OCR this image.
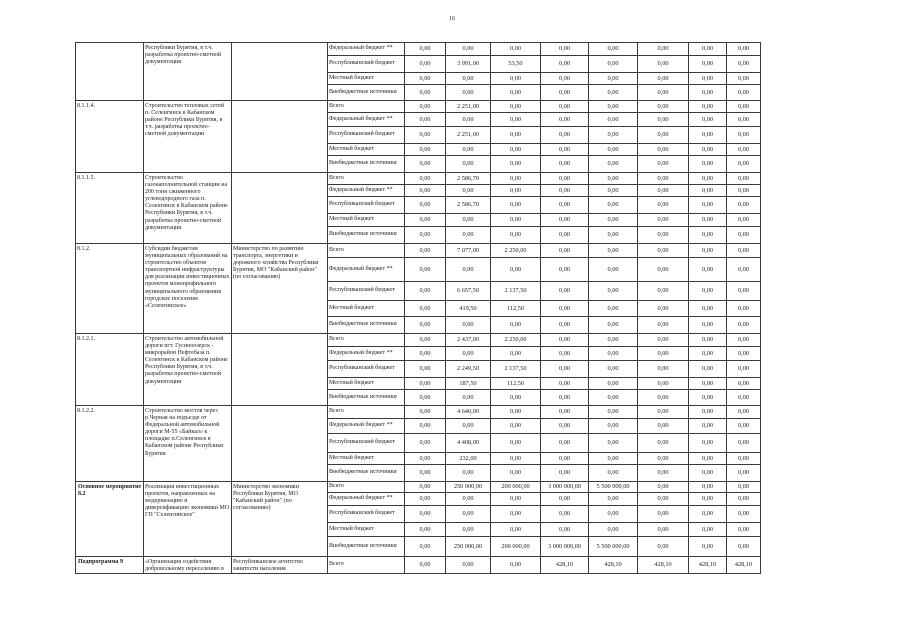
16

	Республики Бурятия, в т.ч. разработка проектно-сметной документации		Федеральный бюджет **	0,00	0,00	0,00	0,00	0,00	0,00	0,00	0,00
			Республиканский бюджет	0,00	3 991,00	53,50	0,00	0,00	0,00	0,00	0,00
			Местный бюджет	0,00	0,00	0,00	0,00	0,00	0,00	0,00	0,00
			Внебюджетные источники	0,00	0,00	0,00	0,00	0,00	0,00	0,00	0,00

8.1.1.4.	Строительство тепловых сетей п. Селенгинск в Кабанском районе Республики Бурятия, в т.ч. разработка проектно-сметной документации		Всего	0,00	2 251,00	0,00	0,00	0,00	0,00	0,00	0,00
			Федеральный бюджет **	0,00	0,00	0,00	0,00	0,00	0,00	0,00	0,00
			Республиканский бюджет	0,00	2 251,00	0,00	0,00	0,00	0,00	0,00	0,00
			Местный бюджет	0,00	0,00	0,00	0,00	0,00	0,00	0,00	0,00
			Внебюджетные источники	0,00	0,00	0,00	0,00	0,00	0,00	0,00	0,00

8.1.1.5.	Строительство газонаполнительной станции на 200 тонн сжиженного углеводородного газа п. Селенгинск в Кабанском районе Республики Бурятия, в т.ч. разработка проектно-сметной документации		Всего	0,00	2 586,70	0,00	0,00	0,00	0,00	0,00	0,00
			Федеральный бюджет **	0,00	0,00	0,00	0,00	0,00	0,00	0,00	0,00
			Республиканский бюджет	0,00	2 586,70	0,00	0,00	0,00	0,00	0,00	0,00
			Местный бюджет	0,00	0,00	0,00	0,00	0,00	0,00	0,00	0,00
			Внебюджетные источники	0,00	0,00	0,00	0,00	0,00	0,00	0,00	0,00

8.1.2.	Субсидии бюджетам муниципальных образований на строительство объектов транспортной инфраструктуры для реализации инвестиционных проектов монопрофильного муниципального образования городское поселение «Селенгинское»	Министерство по развитию транспорта, энергетики и дорожного хозяйства Республики Бурятия, МО "Кабанский район" (по согласованию)	Всего	0,00	7 077,00	2 250,00	0,00	0,00	0,00	0,00	0,00
			Федеральный бюджет **	0,00	0,00	0,00	0,00	0,00	0,00	0,00	0,00
			Республиканский бюджет	0,00	6 657,50	2 137,50	0,00	0,00	0,00	0,00	0,00
			Местный бюджет	0,00	419,50	112,50	0,00	0,00	0,00	0,00	0,00
			Внебюджетные источники	0,00	0,00	0,00	0,00	0,00	0,00	0,00	0,00

8.1.2.1.	Строительство автомобильной дороги пгт. Гусиноозерск - микрорайон Нефтебаза п. Селенгинск в Кабанском районе Республики Бурятия, в т.ч. разработка проектно-сметной документации		Всего	0,00	2 437,00	2 250,00	0,00	0,00	0,00	0,00	0,00
			Федеральный бюджет **	0,00	0,00	0,00	0,00	0,00	0,00	0,00	0,00
			Республиканский бюджет	0,00	2 249,50	2 137,50	0,00	0,00	0,00	0,00	0,00
			Местный бюджет	0,00	187,50	112,50	0,00	0,00	0,00	0,00	0,00
			Внебюджетные источники	0,00	0,00	0,00	0,00	0,00	0,00	0,00	0,00

8.1.2.2.	Строительство мостов через р.Черная на подъезде от Федеральной автомобильной дороги М-55 «Байкал» к площадке п.Селенгинск в Кабанском районе Республики Бурятия		Всего	0,00	4 640,00	0,00	0,00	0,00	0,00	0,00	0,00
			Федеральный бюджет **	0,00	0,00	0,00	0,00	0,00	0,00	0,00	0,00
			Республиканский бюджет	0,00	4 408,00	0,00	0,00	0,00	0,00	0,00	0,00
			Местный бюджет	0,00	232,00	0,00	0,00	0,00	0,00	0,00	0,00
			Внебюджетные источники	0,00	0,00	0,00	0,00	0,00	0,00	0,00	0,00

Основное мероприятие 8.2	Реализация инвестиционных проектов, направленных на модернизацию и диверсификацию экономики МО ГП "Селенгинское"	Министерство экономики Республики Бурятия, МО "Кабанский район" (по согласованию)	Всего	0,00	250 000,00	200 000,00	3 000 000,00	5 500 000,00	0,00	0,00	0,00
			Федеральный бюджет **	0,00	0,00	0,00	0,00	0,00	0,00	0,00	0,00
			Республиканский бюджет	0,00	0,00	0,00	0,00	0,00	0,00	0,00	0,00
			Местный бюджет	0,00	0,00	0,00	0,00	0,00	0,00	0,00	0,00
			Внебюджетные источники	0,00	250 000,00	200 000,00	3 000 000,00	5 500 000,00	0,00	0,00	0,00

Подпрограмма 9	«Организация содействия добровольному переселению в	Республиканское агентство занятости населения	Всего	0,00	0,00	0,00	428,10	428,10	428,10	428,10	428,10
